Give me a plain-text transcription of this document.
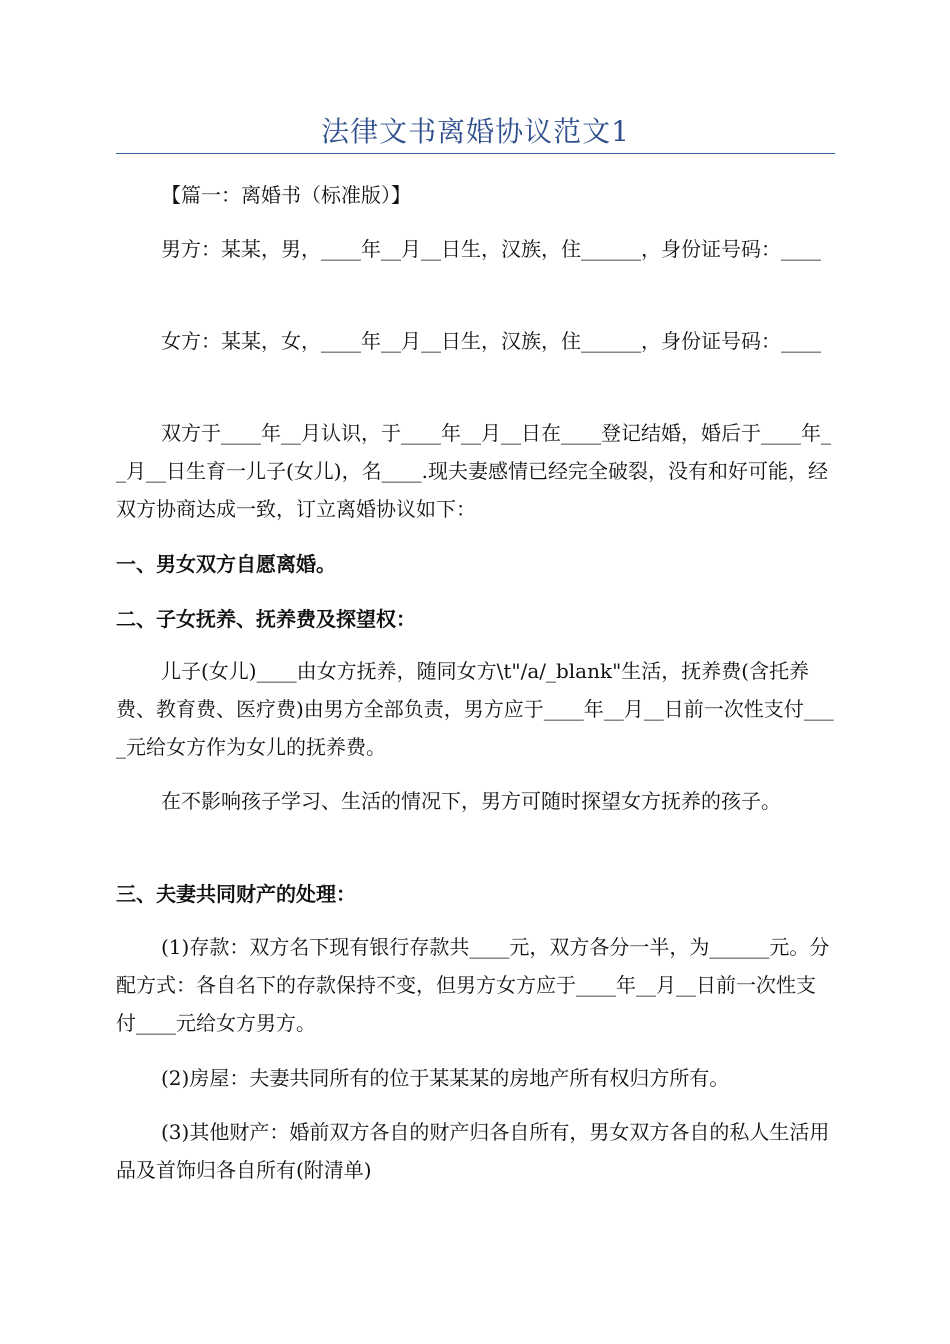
法律文书离婚协议范文1

【篇一：离婚书（标准版）】

男方：某某，男，____年__月__日生，汉族，住______，身份证号码：____

女方：某某，女，____年__月__日生，汉族，住______，身份证号码：____

双方于____年__月认识，于____年__月__日在____登记结婚，婚后于____年__月__日生育一儿子(女儿)，名____.现夫妻感情已经完全破裂，没有和好可能，经双方协商达成一致，订立离婚协议如下：

一、男女双方自愿离婚。

二、子女抚养、抚养费及探望权：

儿子(女儿)____由女方抚养，随同女方\t"/a/_blank"生活，抚养费(含托养费、教育费、医疗费)由男方全部负责，男方应于____年__月__日前一次性支付____元给女方作为女儿的抚养费。

在不影响孩子学习、生活的情况下，男方可随时探望女方抚养的孩子。

三、夫妻共同财产的处理：

(1)存款：双方名下现有银行存款共____元，双方各分一半，为______元。分配方式：各自名下的存款保持不变，但男方女方应于____年__月__日前一次性支付____元给女方男方。

(2)房屋：夫妻共同所有的位于某某某的房地产所有权归方所有。

(3)其他财产：婚前双方各自的财产归各自所有，男女双方各自的私人生活用品及首饰归各自所有(附清单)
